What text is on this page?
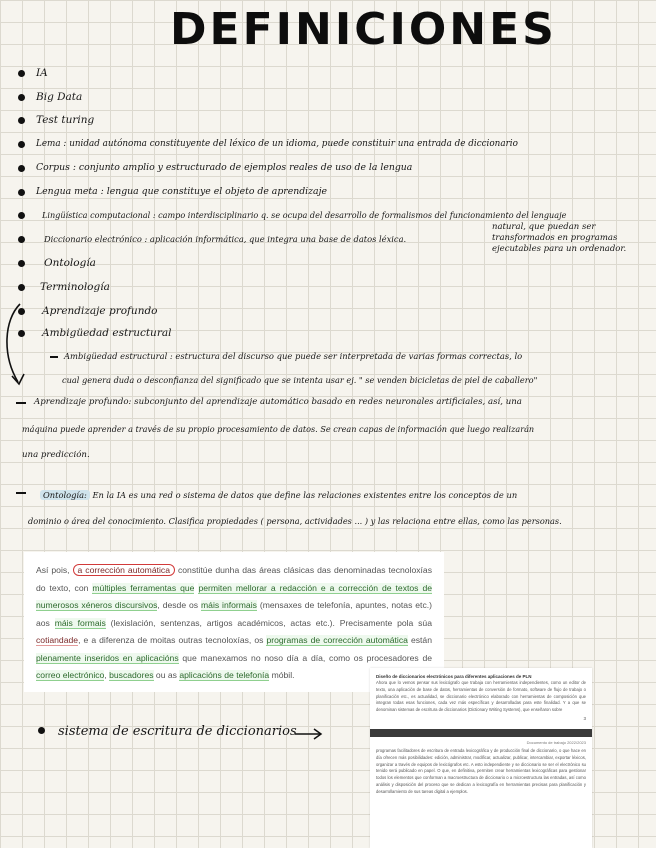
DEFINICIONES
IA
Big Data
Test turing
Lema : unidad autónoma constituyente del léxico de un idioma, puede constituir una entrada de diccionario
Corpus : conjunto amplio y estructurado de ejemplos reales de uso de la lengua
Lengua meta : lengua que constituye el objeto de aprendizaje
Lingüística computacional : campo interdisciplinario q. se ocupa del desarrollo de formalismos del funcionamiento del lenguaje
Diccionario electrónico : aplicación informática, que integra una base de datos léxica.
natural, que puedan ser transformados en programas ejecutables para un ordenador.
Ontología
Terminología
Aprendizaje profundo
Ambigüedad estructural
Ambigüedad estructural : estructura del discurso que puede ser interpretada de varias formas correctas, lo
cual genera duda o desconfianza del significado que se intenta usar ej. " se venden bicicletas de piel de caballero"
Aprendizaje profundo: subconjunto del aprendizaje automático basado en redes neuronales artificiales, así, una
máquina puede aprender a través de su propio procesamiento de datos. Se crean capas de información que luego realizarán
una predicción.
Ontología: En la IA es una red o sistema de datos que define las relaciones existentes entre los conceptos de un
dominio o área del conocimiento. Clasifica propiedades ( persona, actividades ... ) y las relaciona entre ellas, como las personas.

Así pois, a corrección automática constitúe dunha das áreas clásicas das denominadas tecnoloxías do texto, con múltiples ferramentas que permiten mellorar a redacción e a corrección de textos de numerosos xéneros discursivos, desde os máis informais (mensaxes de telefonía, apuntes, notas etc.) aos máis formais (lexislación, sentenzas, artigos académicos, actas etc.). Precisamente pola súa cotiandade, e a diferenza de moitas outras tecnoloxías, os programas de corrección automática están plenamente inseridos en aplicacións que manexamos no noso día a día, como os procesadores de correo electrónico, buscadores ou as aplicacións de telefonía móbil.	Diseño de diccionarios electrónicos para diferentes aplicaciones de PLN
Ahora que lo vemos pensar sus lexicógrafo que trabaja con herramientas independientes, como un editor de texto, una aplicación de base de datos, herramientas de conversión de formato, software de flujo de trabajo o planificación etc., es actualidad, se diccionario electrónico elaborado con herramientas de composición que integran todas esas funciones, cada vez más específicas y desarrolladas para este finalidad. Y a que se denominan sistemas de escritura de diccionarios (Dictionary Writing Systems), que enseñaron sobre
3
Documento de trabajo 2022/2023
programas facilitadores de escritura de entrada lexicográfica y de producción final de diccionario, o que hace en día ofrecen más posibilidades: edición, administrar, modificar, actualizar, publicar, intercambiar, exportar léxicos, organizar a través de equipos de lexicógrafos etc. A esto independiente y se diccionario se ser el electrónico su tenido será publicado en papel. O que, en definitiva, permiten crear herramientas lexicográficas para gestionar todos los elementos que conforman a macroestructura de diccionario o a microestructura las entradas, así como análisis y disposición del proceso que se dedican a lexicografía en herramientas precisas para planificación y desarrollamiento de sus tareas digital a ejemplos.
sistema de escritura de diccionarios
